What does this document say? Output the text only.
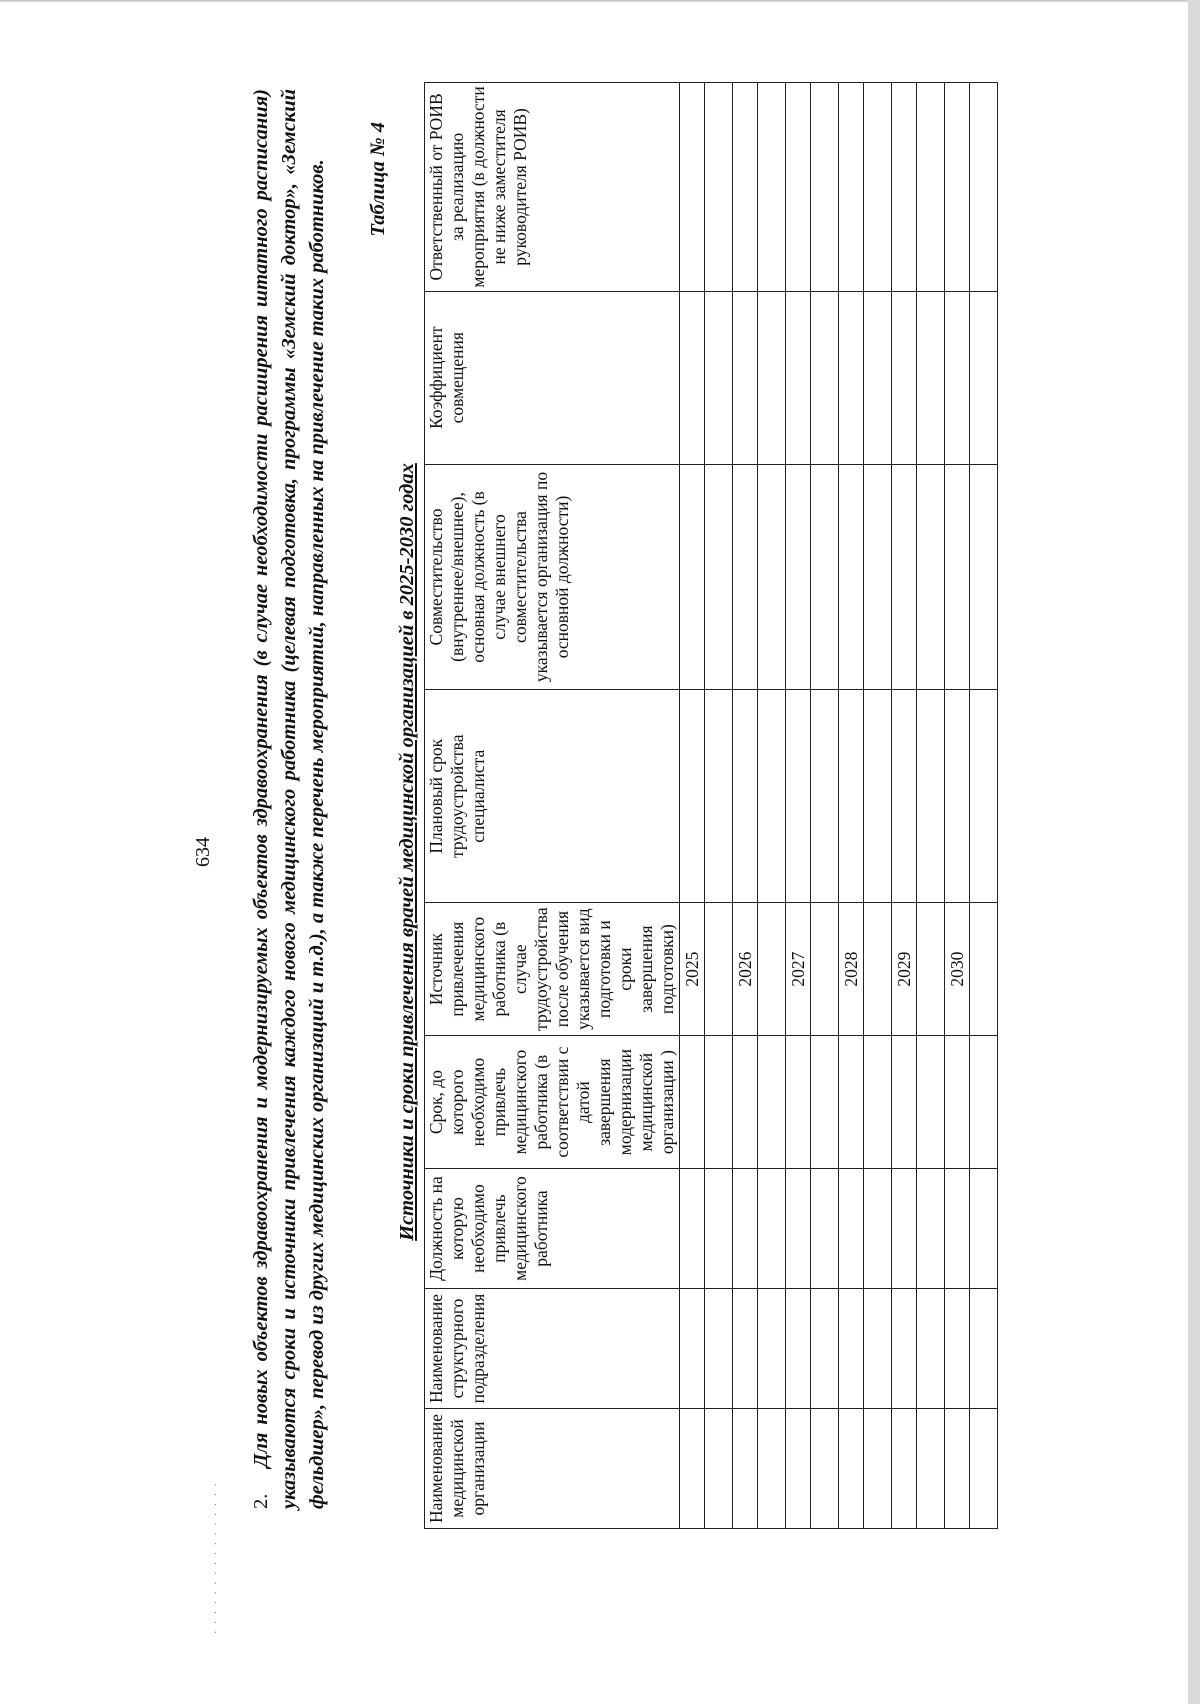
634

2.Для новых объектов здравоохранения и модернизируемых объектов здравоохранения (в случае необходимости расширения штатного расписания) указываются сроки и источники привлечения каждого нового медицинского работника (целевая подготовка, программы «Земский доктор», «Земский фельдшер», перевод из других медицинских организаций и т.д.), а также перечень мероприятий, направленных на привлечение таких работников. Таблица № 4
Источники и сроки привлечения врачей медицинской организацией в 2025-2030 годах
Наименование медицинской организации	Наименование структурного подразделения	Должность на которую необходимо привлечь медицинского работника	Срок, до которого необходимо привлечь медицинского работника (в соответствии с датой завершения модернизации медицинской организации )	Источник привлечения медицинского работника (в случае трудоустройства после обучения указывается вид подготовки и сроки завершения подготовки)	Плановый срок трудоустройства специалиста	Совместительство (внутреннее/внешнее), основная должность (в случае внешнего совместительства указывается организация по основной должности)	Коэффициент совмещения	Ответственный от РОИВ за реализацию мероприятия (в должности не ниже заместителя руководителя РОИВ)
				2025				

				2026				

				2027				

				2028				

				2029				

				2030				

· · · · · · · · · · · · · · · ·
